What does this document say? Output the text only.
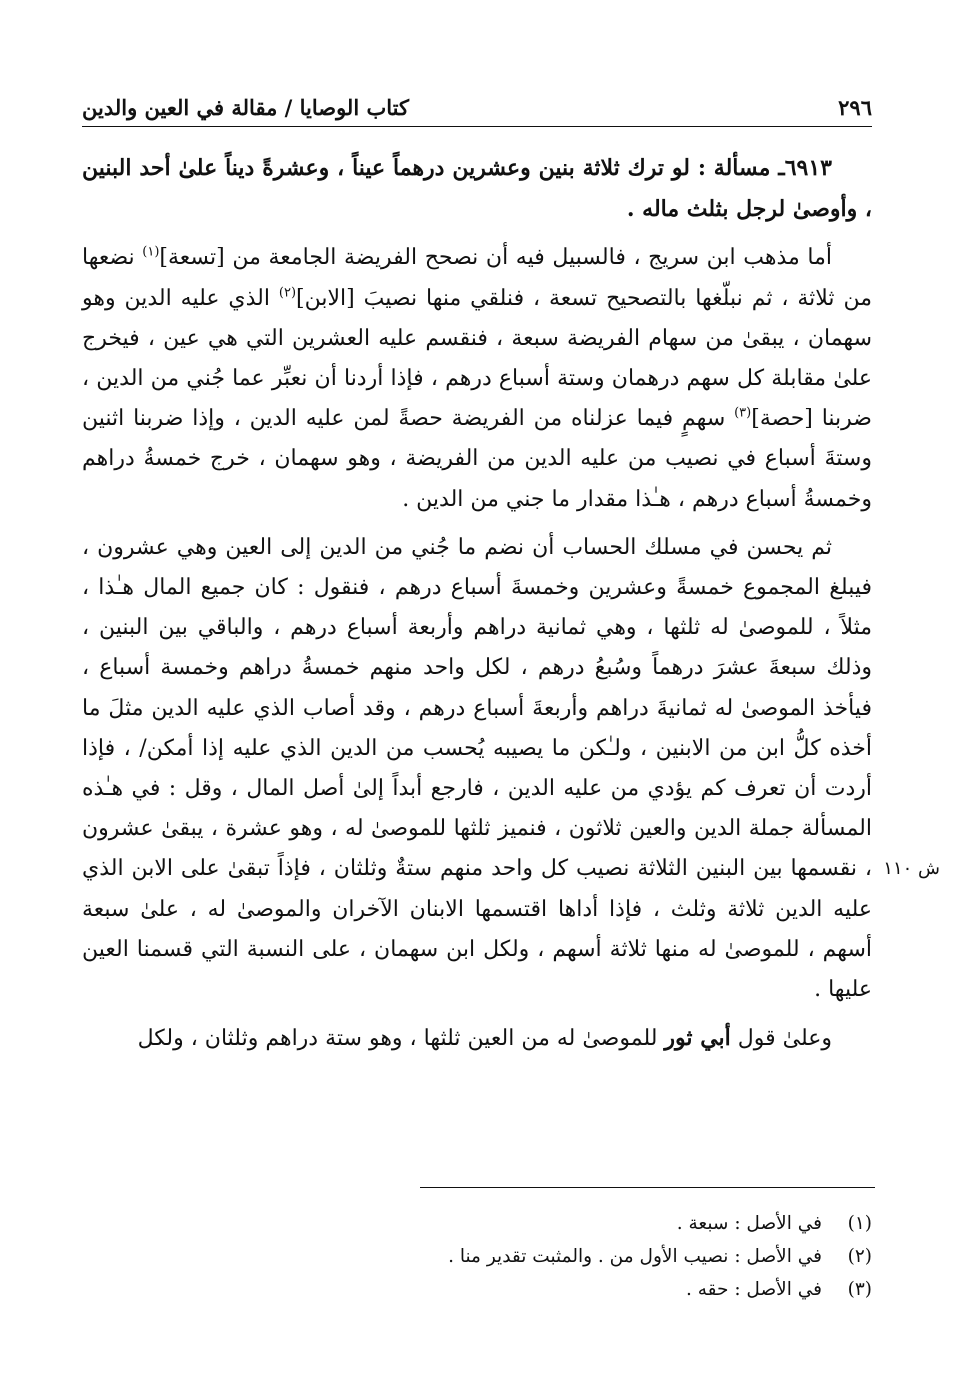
٢٩٦
كتاب الوصايا / مقالة في العين والدين

٦٩١٣ـ مسألة : لو ترك ثلاثة بنين وعشرين درهماً عيناً ، وعشرةً ديناً علىٰ أحد البنين ، وأوصىٰ لرجل بثلث ماله .

أما مذهب ابن سريج ، فالسبيل فيه أن نصحح الفريضة الجامعة من [تسعة]$^{(١)}$ نضعها من ثلاثة ، ثم نبلّغها بالتصحيح تسعة ، فنلقي منها نصيبَ [الابن]$^{(٢)}$ الذي عليه الدين وهو سهمان ، يبقىٰ من سهام الفريضة سبعة ، فنقسم عليه العشرين التي هي عين ، فيخرج علىٰ مقابلة كل سهم درهمان وستة أسباع درهم ، فإذا أردنا أن نعبِّر عما جُني من الدين ، ضربنا [حصة]$^{(٣)}$ سهمٍ فيما عزلناه من الفريضة حصةً لمن عليه الدين ، وإذا ضربنا اثنين وستةَ أسباع في نصيب من عليه الدين من الفريضة ، وهو سهمان ، خرج خمسةُ دراهم وخمسةُ أسباع درهم ، هـٰذا مقدار ما جني من الدين .

ثم يحسن في مسلك الحساب أن نضم ما جُني من الدين إلى العين وهي عشرون ، فيبلغ المجموع خمسةً وعشرين وخمسةَ أسباع درهم ، فنقول : كان جميع المال هـٰذا ، مثلاً ، للموصىٰ له ثلثها ، وهي ثمانية دراهم وأربعة أسباع درهم ، والباقي بين البنين ، وذلك سبعةَ عشرَ درهماً وسُبعُ درهم ، لكل واحد منهم خمسةُ دراهم وخمسة أسباع ، فيأخذ الموصىٰ له ثمانيةَ دراهم وأربعةَ أسباع درهم ، وقد أصاب الذي عليه الدين مثلَ ما أخذه كلُّ ابن من الابنين ، ولـٰكن ما يصيبه يُحسب من الدين الذي عليه إذا أمكن/ ، فإذا أردت أن تعرف كم يؤدي من عليه الدين ، فارجع أبداً إلىٰ أصل المال ، وقل : في هـٰذه المسألة جملة الدين والعين ثلاثون ، فنميز ثلثها للموصىٰ له ، وهو عشرة ، يبقىٰ عشرون ، نقسمها بين البنين الثلاثة نصيب كل واحد منهم ستةٌ وثلثان ، فإذاً تبقىٰ على الابن الذي عليه الدين ثلاثة وثلث ، فإذا أداها اقتسمها الابنان الآخران والموصىٰ له ، علىٰ سبعة أسهم ، للموصىٰ له منها ثلاثة أسهم ، ولكل ابن سهمان ، على النسبة التي قسمنا العين عليها .

وعلىٰ قول أبي ثور للموصىٰ له من العين ثلثها ، وهو ستة دراهم وثلثان ، ولكل

ش ١١٠
(١)
في الأصل : سبعة .
(٢)
في الأصل : نصيب الأول من . والمثبت تقدير منا .
(٣)
في الأصل : حقه .
